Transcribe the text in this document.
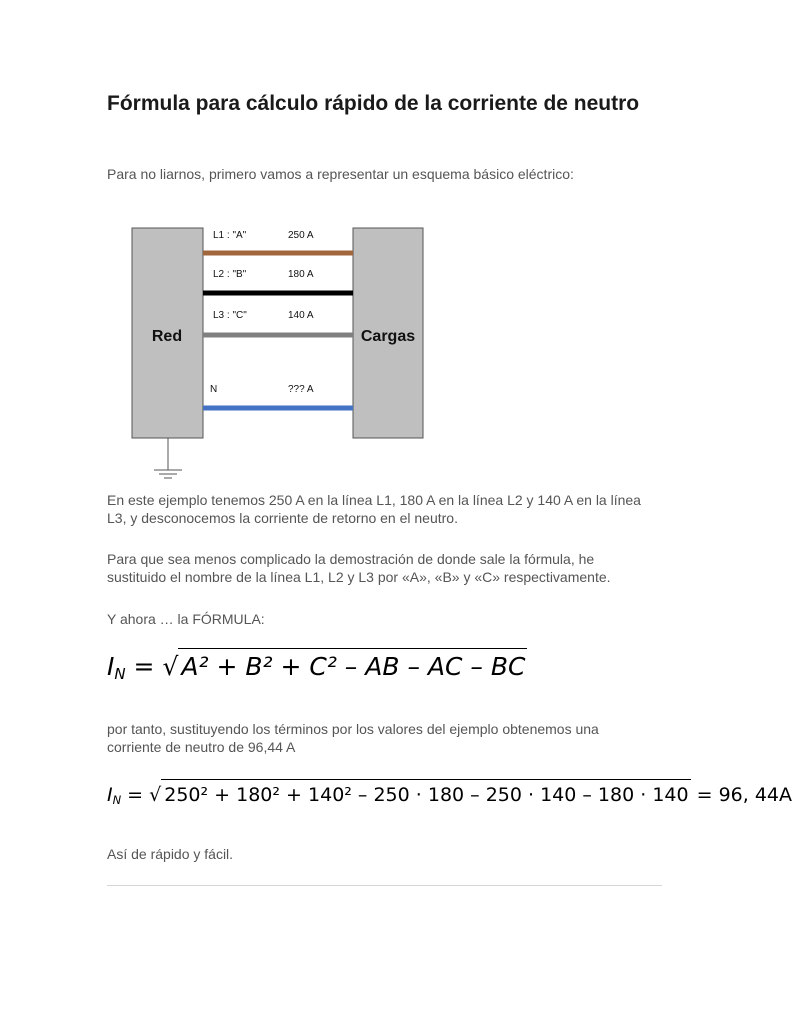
Fórmula para cálculo rápido de la corriente de neutro

Para no liarnos, primero vamos a representar un esquema básico eléctrico:

Red	Cargas
L1 : "A"	250 A
L2 : "B"	180 A
L3 : "C"	140 A
N	??? A

En este ejemplo tenemos 250 A en la línea L1, 180 A en la línea L2 y 140 A en la línea L3, y desconocemos la corriente de retorno en el neutro.

Para que sea menos complicado la demostración de donde sale la fórmula, he sustituido el nombre de la línea L1, L2 y L3 por «A», «B» y «C» respectivamente.

Y ahora … la FÓRMULA:

$I_N$ = √ A² + B² + C² – AB – AC – BC

por tanto, sustituyendo los términos por los valores del ejemplo obtenemos una corriente de neutro de 96,44 A

$I_N$ = √ 250² + 180² + 140² – 250 · 180 – 250 · 140 – 180 · 140 = 96, 44A

Así de rápido y fácil.
